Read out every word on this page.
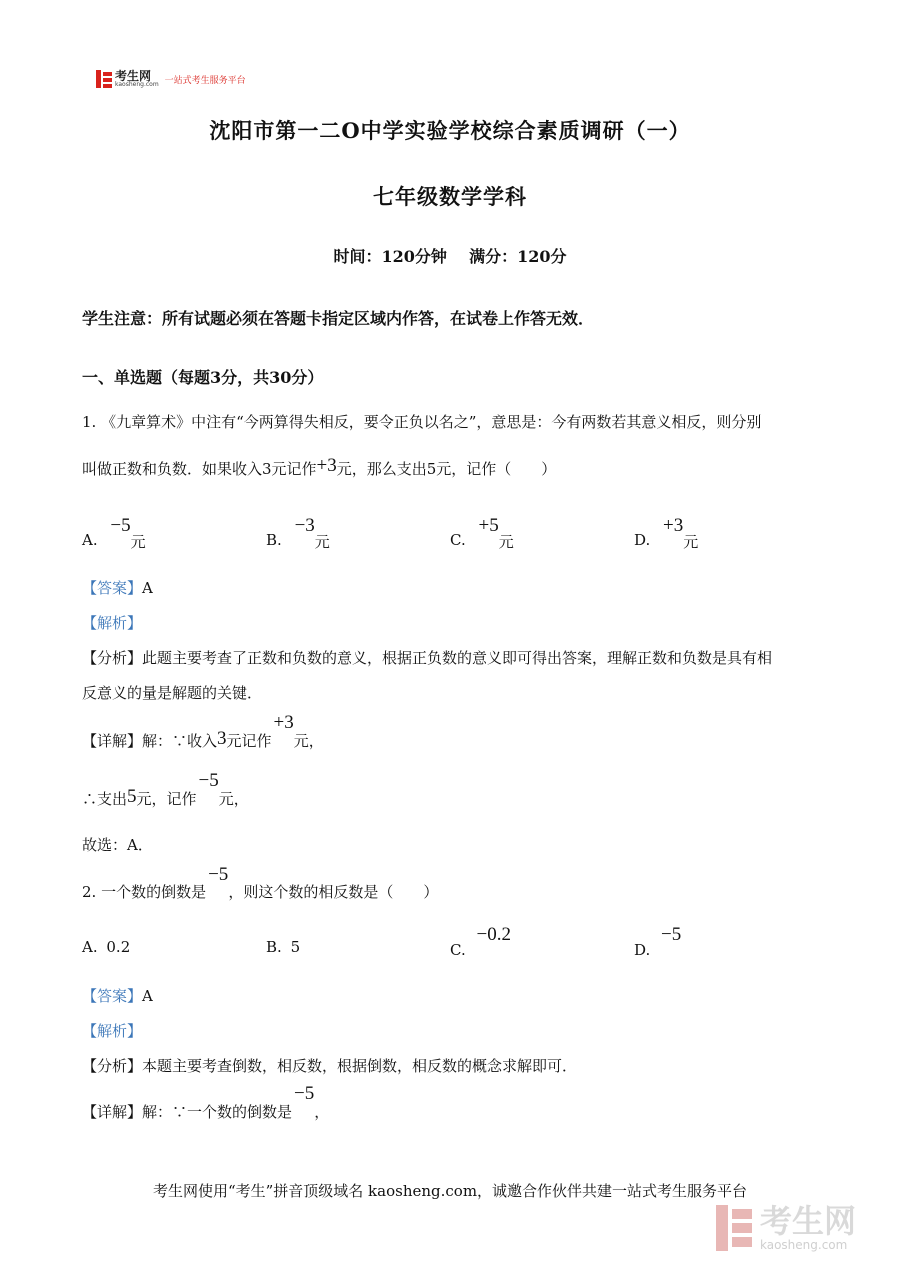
考生网
kaosheng.com 一站式考生服务平台
沈阳市第一二O中学实验学校综合素质调研（一）
七年级数学学科
时间：120分钟    满分：120分
学生注意：所有试题必须在答题卡指定区域内作答，在试卷上作答无效．
一、单选题（每题3分，共30分）
1. 《九章算术》中注有“今两算得失相反，要令正负以名之”，意思是：今有两数若其意义相反，则分别
叫做正数和负数．如果收入3元记作+3元，那么支出5元，记作（　　）
A. −5元	B. −3元	C. +5元	D. +3元
【答案】A
【解析】
【分析】此题主要考查了正数和负数的意义，根据正负数的意义即可得出答案，理解正数和负数是具有相
反意义的量是解题的关键．
【详解】解：∵收入3元记作+3元，
∴支出5元，记作−5元，
故选：A．
2. 一个数的倒数是−5，则这个数的相反数是（　　）
A. 0.2	B. 5	C. −0.2
D. −5
【答案】A
【解析】
【分析】本题主要考查倒数，相反数，根据倒数，相反数的概念求解即可．
【详解】解：∵一个数的倒数是−5，
考生网使用“考生”拼音顶级域名 kaosheng.com，诚邀合作伙伴共建一站式考生服务平台
考生网
kaosheng.com
